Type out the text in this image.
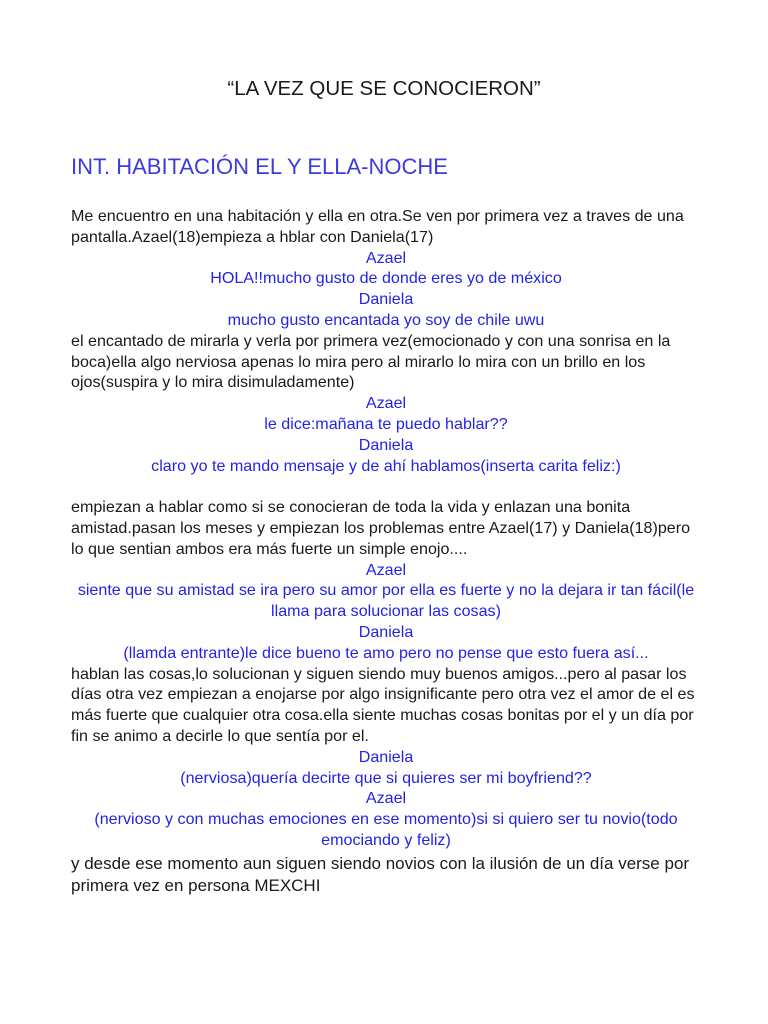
“LA VEZ QUE SE CONOCIERON”
INT. HABITACIÓN EL Y ELLA-NOCHE

Me encuentro en una habitación y ella en otra.Se ven por primera vez a traves de una pantalla.Azael(18)empieza a hblar con Daniela(17)

Azael

HOLA!!mucho gusto de donde eres yo de méxico

Daniela

mucho gusto encantada yo soy de chile uwu

el encantado de mirarla y verla por primera vez(emocionado y con una sonrisa en la boca)ella algo nerviosa apenas lo mira pero al mirarlo lo mira con un brillo en los ojos(suspira y lo mira disimuladamente)

Azael

le dice:mañana te puedo hablar??

Daniela

claro yo te mando mensaje y de ahí hablamos(inserta carita feliz:)

empiezan a hablar como si se conocieran de toda la vida y enlazan una bonita amistad.pasan los meses y empiezan los problemas entre Azael(17) y Daniela(18)pero lo que sentian ambos era más fuerte un simple enojo....

Azael

siente que su amistad se ira pero su amor por ella es fuerte y no la dejara ir tan fácil(le llama para solucionar las cosas)

Daniela

(llamda entrante)le dice bueno te amo pero no pense que esto fuera así...

hablan las cosas,lo solucionan y siguen siendo muy buenos amigos...pero al pasar los días otra vez empiezan a enojarse por algo insignificante pero otra vez el amor de el es más fuerte que cualquier otra cosa.ella siente muchas cosas bonitas por el y un día por fin se animo a decirle lo que sentía por el.

Daniela

(nerviosa)quería decirte que si quieres ser mi boyfriend??

Azael

(nervioso y con muchas emociones en ese momento)si si quiero ser tu novio(todo emociando y feliz)

y desde ese momento aun siguen siendo novios con la ilusión de un día verse por primera vez en persona MEXCHI
